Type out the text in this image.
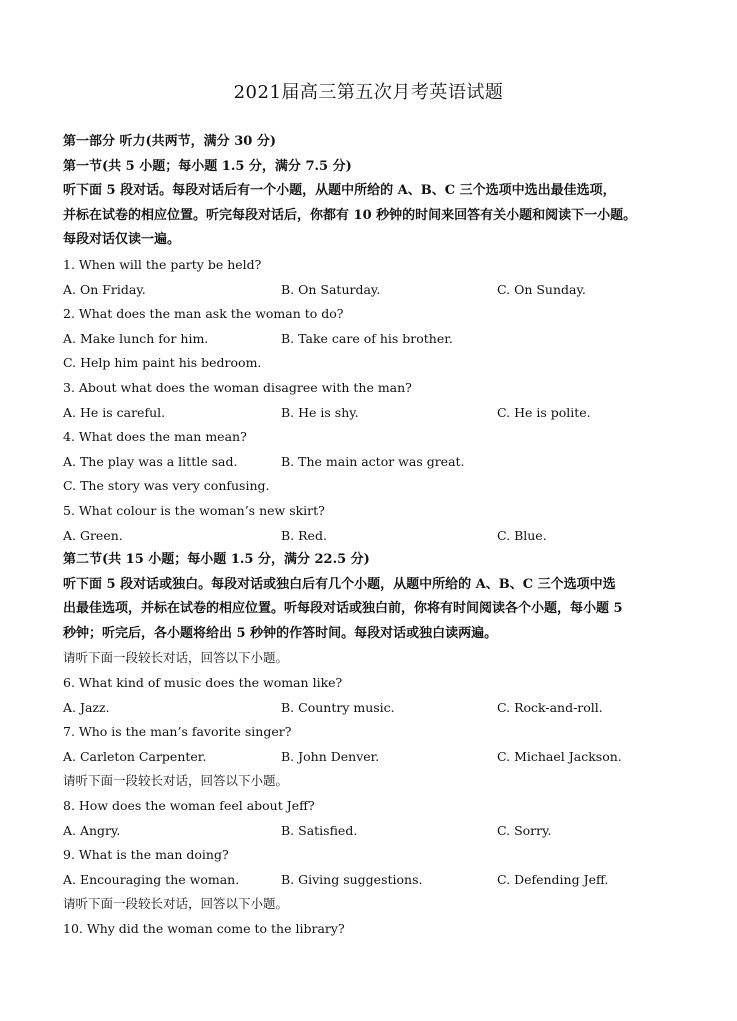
2021届高三第五次月考英语试题
第一部分 听力(共两节，满分 30 分)
第一节(共 5 小题；每小题 1.5 分，满分 7.5 分)
听下面 5 段对话。每段对话后有一个小题，从题中所给的 A、B、C 三个选项中选出最佳选项，
并标在试卷的相应位置。听完每段对话后，你都有 10 秒钟的时间来回答有关小题和阅读下一小题。
每段对话仅读一遍。
1. When will the party be held?
A. On Friday.	B. On Saturday.	C. On Sunday.
2. What does the man ask the woman to do?
A. Make lunch for him.	B. Take care of his brother.
C. Help him paint his bedroom.
3. About what does the woman disagree with the man?
A. He is careful.	B. He is shy.	C. He is polite.
4. What does the man mean?
A. The play was a little sad.	B. The main actor was great.
C. The story was very confusing.
5. What colour is the woman’s new skirt?
A. Green.	B. Red.	C. Blue.
第二节(共 15 小题；每小题 1.5 分，满分 22.5 分)
听下面 5 段对话或独白。每段对话或独白后有几个小题，从题中所给的 A、B、C 三个选项中选
出最佳选项，并标在试卷的相应位置。听每段对话或独白前，你将有时间阅读各个小题，每小题 5
秒钟；听完后，各小题将给出 5 秒钟的作答时间。每段对话或独白读两遍。
请听下面一段较长对话，回答以下小题。
6. What kind of music does the woman like?
A. Jazz.	B. Country music.	C. Rock-and-roll.
7. Who is the man’s favorite singer?
A. Carleton Carpenter.	B. John Denver.	C. Michael Jackson.
请听下面一段较长对话，回答以下小题。
8. How does the woman feel about Jeff?
A. Angry.	B. Satisfied.	C. Sorry.
9. What is the man doing?
A. Encouraging the woman.	B. Giving suggestions.	C. Defending Jeff.
请听下面一段较长对话，回答以下小题。
10. Why did the woman come to the library?
